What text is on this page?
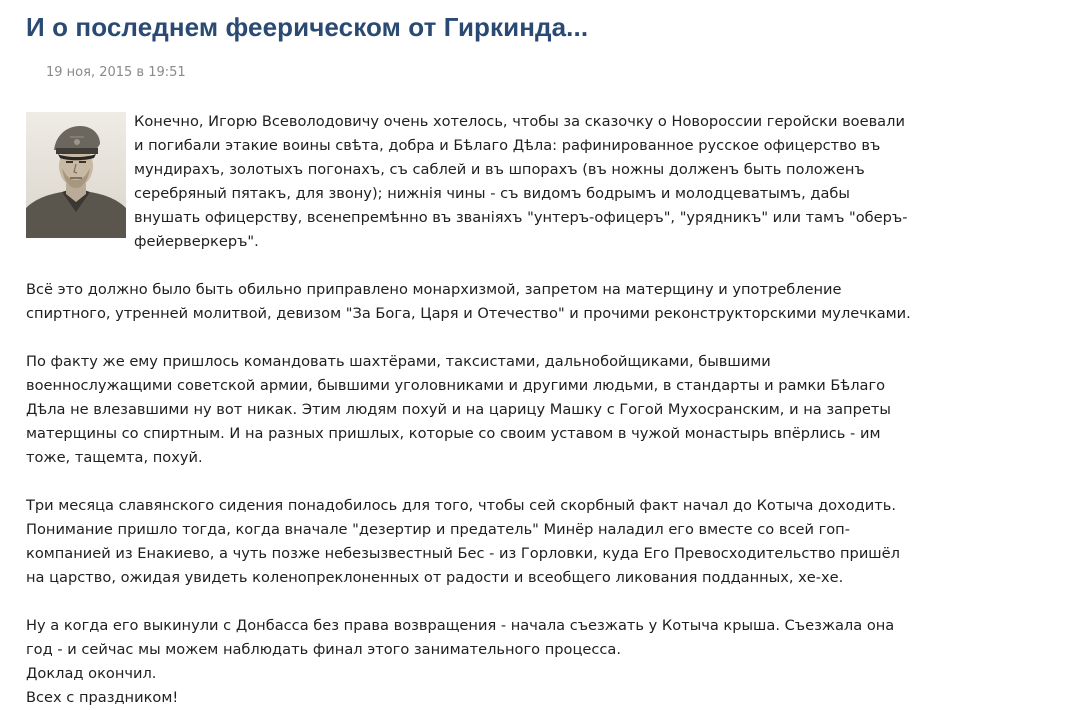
И о последнем феерическом от Гиркинда...
19 ноя, 2015 в 19:51

Конечно, Игорю Всеволодовичу очень хотелось, чтобы за сказочку о Новороссии геройски воевали и погибали этакие воины свѣта, добра и Бѣлаго Дѣла: рафинированное русское офицерство въ мундирахъ, золотыхъ погонахъ, съ саблей и въ шпорахъ (въ ножны долженъ быть положенъ серебряный пятакъ, для звону); нижнія чины - съ видомъ бодрымъ и молодцеватымъ, дабы внушать офицерству, всенепремѣнно въ званіяхъ "унтеръ-офицеръ", "урядникъ" или тамъ "оберъ-фейерверкеръ".

Всё это должно было быть обильно приправлено монархизмой, запретом на матерщину и употребление спиртного, утренней молитвой, девизом "За Бога, Царя и Отечество" и прочими реконструкторскими мулечками.

По факту же ему пришлось командовать шахтёрами, таксистами, дальнобойщиками, бывшими военнослужащими советской армии, бывшими уголовниками и другими людьми, в стандарты и рамки Бѣлаго Дѣла не влезавшими ну вот никак. Этим людям похуй и на царицу Машку с Гогой Мухосранским, и на запреты матерщины со спиртным. И на разных пришлых, которые со своим уставом в чужой монастырь впёрлись - им тоже, тащемта, похуй.

Три месяца славянского сидения понадобилось для того, чтобы сей скорбный факт начал до Котыча доходить. Понимание пришло тогда, когда вначале "дезертир и предатель" Минёр наладил его вместе со всей гоп-компанией из Енакиево, а чуть позже небезызвестный Бес - из Горловки, куда Его Превосходительство пришёл на царство, ожидая увидеть коленопреклоненных от радости и всеобщего ликования подданных, хе-хе.

Ну а когда его выкинули с Донбасса без права возвращения - начала съезжать у Котыча крыша. Съезжала она год - и сейчас мы можем наблюдать финал этого занимательного процесса.
Доклад окончил.
Всех с праздником!
